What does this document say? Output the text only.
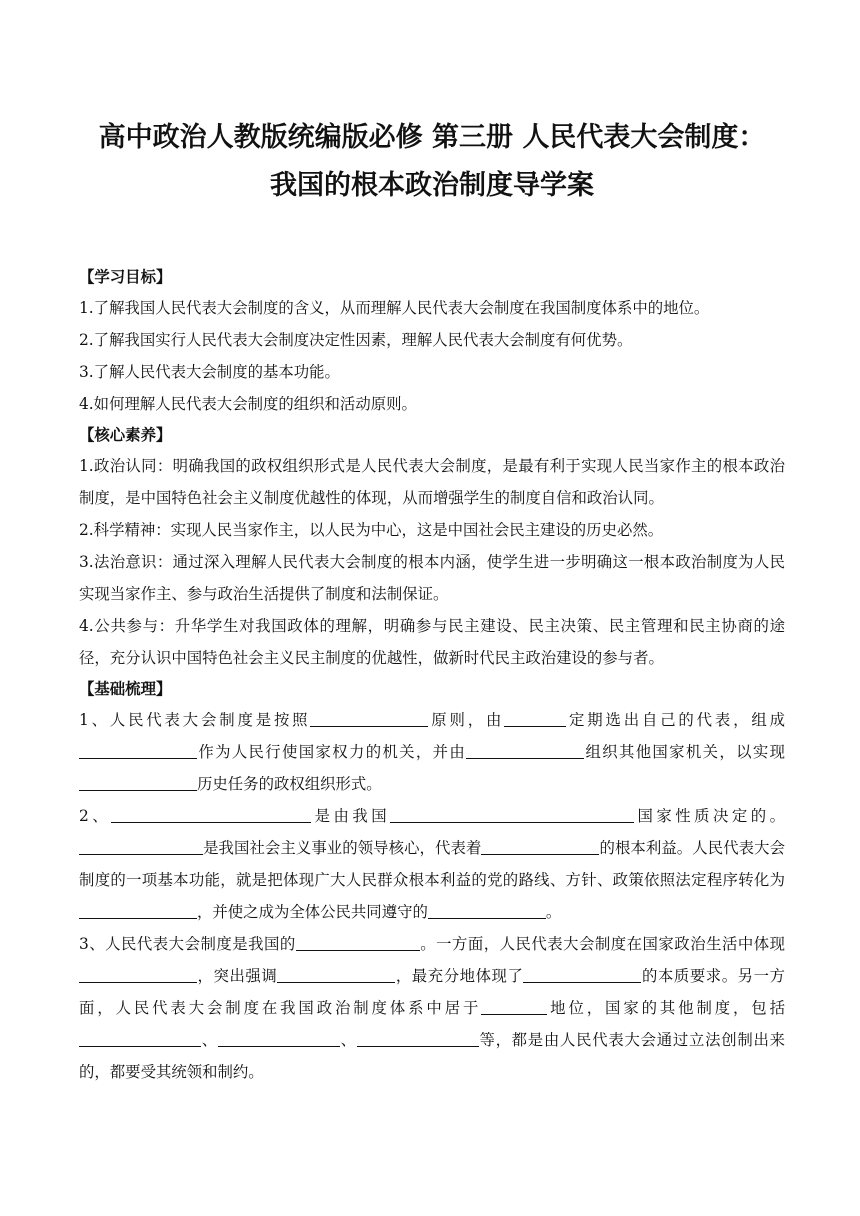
高中政治人教版统编版必修 第三册 人民代表大会制度：
我国的根本政治制度导学案

【学习目标】

1.了解我国人民代表大会制度的含义，从而理解人民代表大会制度在我国制度体系中的地位。

2.了解我国实行人民代表大会制度决定性因素，理解人民代表大会制度有何优势。

3.了解人民代表大会制度的基本功能。

4.如何理解人民代表大会制度的组织和活动原则。

【核心素养】

1.政治认同：明确我国的政权组织形式是人民代表大会制度，是最有利于实现人民当家作主的根本政治制度，是中国特色社会主义制度优越性的体现，从而增强学生的制度自信和政治认同。

2.科学精神：实现人民当家作主，以人民为中心，这是中国社会民主建设的历史必然。

3.法治意识：通过深入理解人民代表大会制度的根本内涵，使学生进一步明确这一根本政治制度为人民实现当家作主、参与政治生活提供了制度和法制保证。

4.公共参与：升华学生对我国政体的理解，明确参与民主建设、民主决策、民主管理和民主协商的途径，充分认识中国特色社会主义民主制度的优越性，做新时代民主政治建设的参与者。

【基础梳理】

1、人民代表大会制度是按照	原则，由	定期选出自己的代表，组成作为人民行使国家权力的机关，并由	组织其他国家机关，以实现历史任务的政权组织形式。

2、	是由我国	国家性质决定的。是我国社会主义事业的领导核心，代表着	的根本利益。人民代表大会制度的一项基本功能，就是把体现广大人民群众根本利益的党的路线、方针、政策依照法定程序转化为，并使之成为全体公民共同遵守的	。

3、人民代表大会制度是我国的	。一方面，人民代表大会制度在国家政治生活中体现，突出强调	，最充分地体现了	的本质要求。另一方面，人民代表大会制度在我国政治制度体系中居于	地位，国家的其他制度，包括、	、	等，都是由人民代表大会通过立法创制出来的，都要受其统领和制约。
